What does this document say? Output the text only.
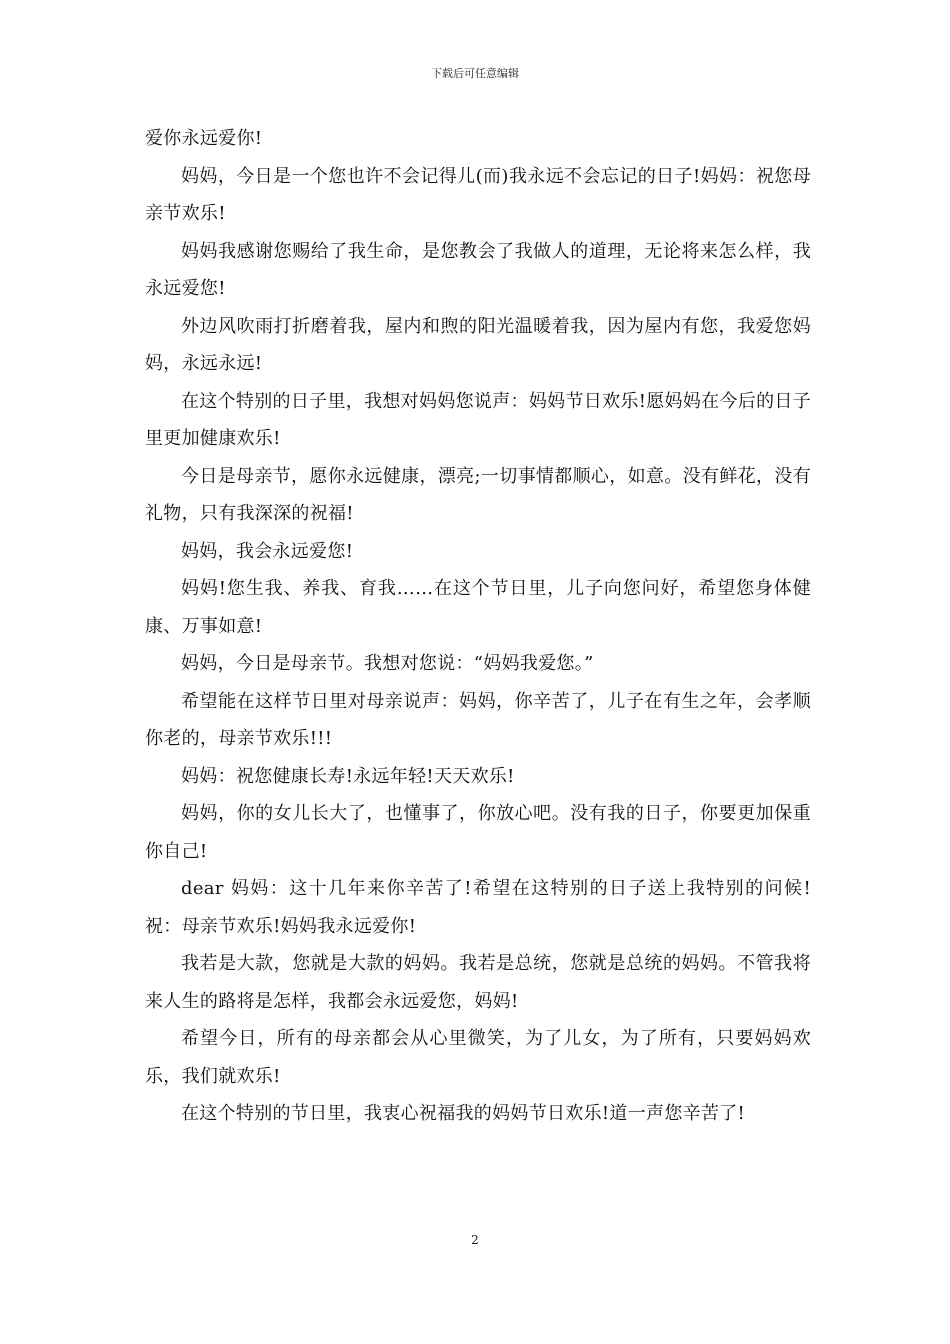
下载后可任意编辑

爱你永远爱你!

妈妈，今日是一个您也许不会记得儿(而)我永远不会忘记的日子!妈妈：祝您母亲节欢乐!

妈妈我感谢您赐给了我生命，是您教会了我做人的道理，无论将来怎么样，我永远爱您!

外边风吹雨打折磨着我，屋内和煦的阳光温暖着我，因为屋内有您，我爱您妈妈，永远永远!

在这个特别的日子里，我想对妈妈您说声：妈妈节日欢乐!愿妈妈在今后的日子里更加健康欢乐!

今日是母亲节，愿你永远健康，漂亮;一切事情都顺心，如意。没有鲜花，没有礼物，只有我深深的祝福!

妈妈，我会永远爱您!

妈妈!您生我、养我、育我……在这个节日里，儿子向您问好，希望您身体健康、万事如意!

妈妈，今日是母亲节。我想对您说：“妈妈我爱您。”

希望能在这样节日里对母亲说声：妈妈，你辛苦了，儿子在有生之年，会孝顺你老的，母亲节欢乐!!!

妈妈：祝您健康长寿!永远年轻!天天欢乐!

妈妈，你的女儿长大了，也懂事了，你放心吧。没有我的日子，你要更加保重你自己!

dear 妈妈：这十几年来你辛苦了!希望在这特别的日子送上我特别的问候!祝：母亲节欢乐!妈妈我永远爱你!

我若是大款，您就是大款的妈妈。我若是总统，您就是总统的妈妈。不管我将来人生的路将是怎样，我都会永远爱您，妈妈!

希望今日，所有的母亲都会从心里微笑，为了儿女，为了所有，只要妈妈欢乐，我们就欢乐!

在这个特别的节日里，我衷心祝福我的妈妈节日欢乐!道一声您辛苦了!

2
